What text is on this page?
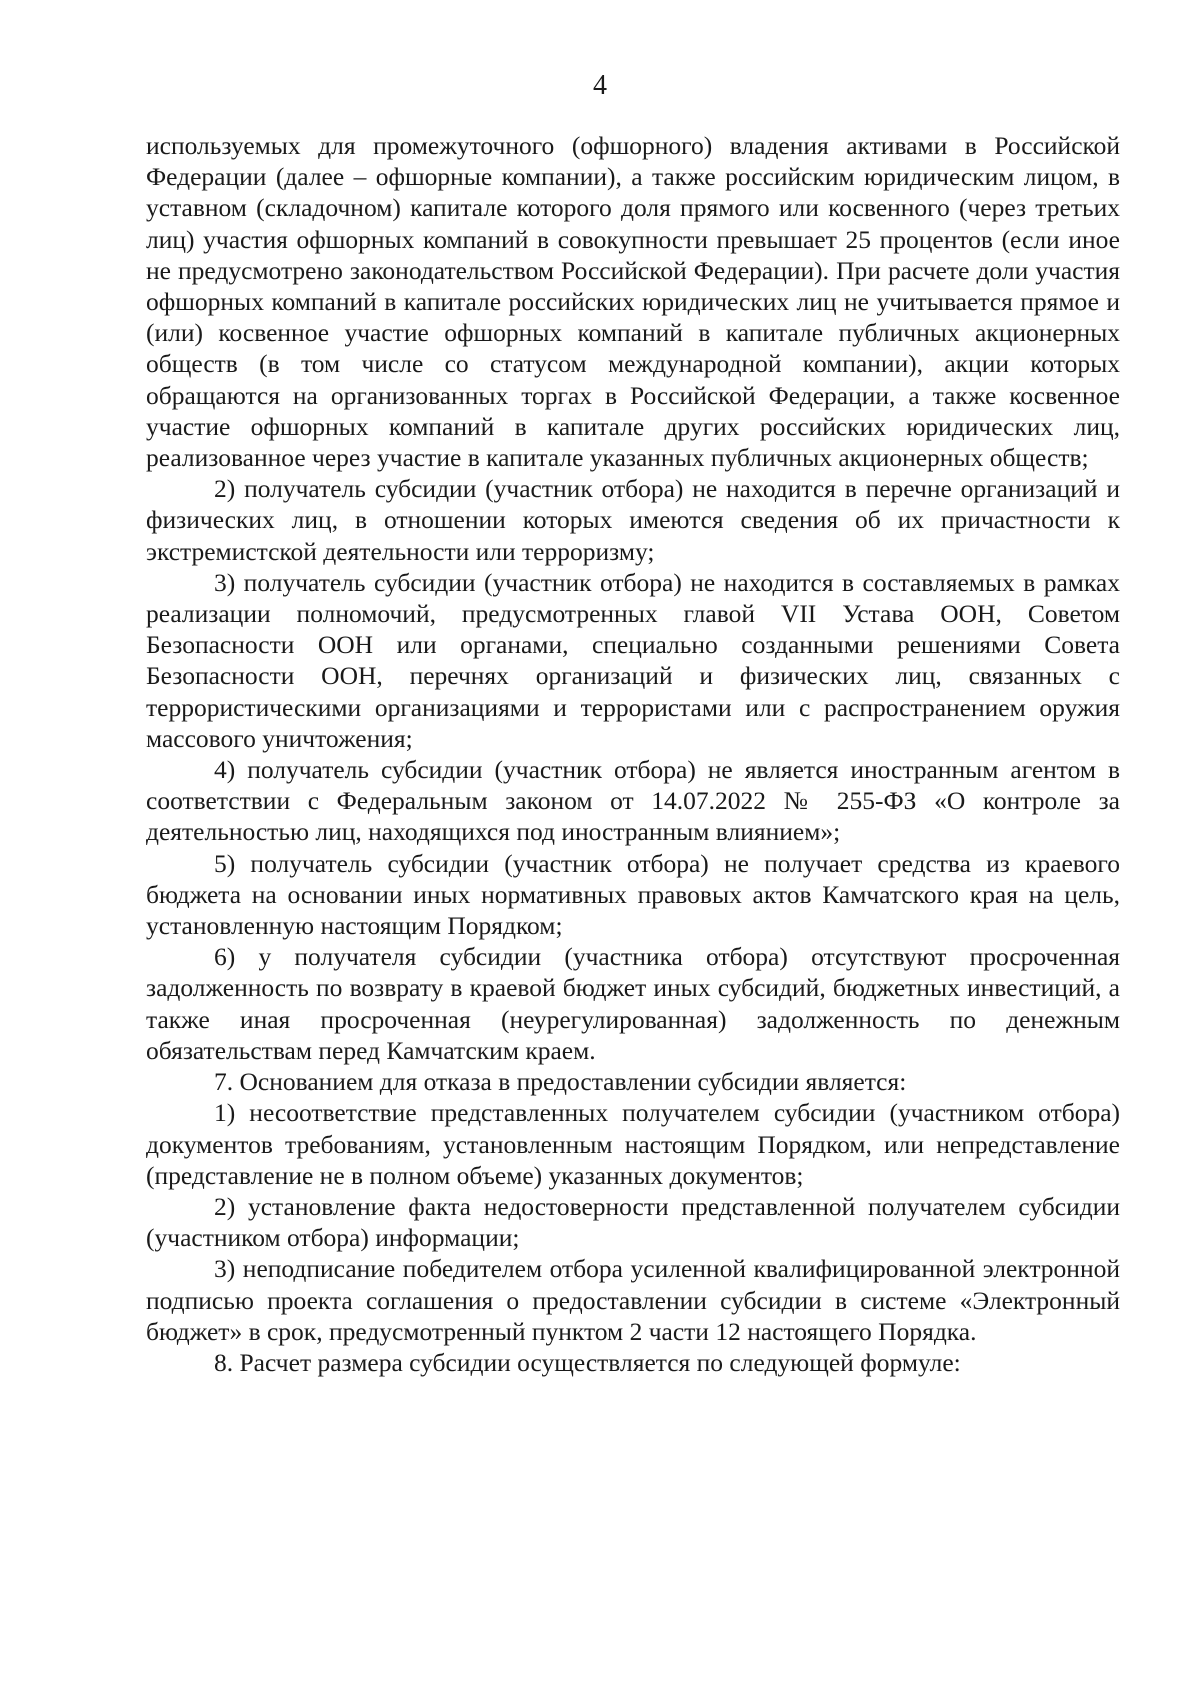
4

используемых для промежуточного (офшорного) владения активами в Российской Федерации (далее – офшорные компании), а также российским юридическим лицом, в уставном (складочном) капитале которого доля прямого или косвенного (через третьих лиц) участия офшорных компаний в совокупности превышает 25 процентов (если иное не предусмотрено законодательством Российской Федерации). При расчете доли участия офшорных компаний в капитале российских юридических лиц не учитывается прямое и (или) косвенное участие офшорных компаний в капитале публичных акционерных обществ (в том числе со статусом международной компании), акции которых обращаются на организованных торгах в Российской Федерации, а также косвенное участие офшорных компаний в капитале других российских юридических лиц, реализованное через участие в капитале указанных публичных акционерных обществ;

2) получатель субсидии (участник отбора) не находится в перечне организаций и физических лиц, в отношении которых имеются сведения об их причастности к экстремистской деятельности или терроризму;

3) получатель субсидии (участник отбора) не находится в составляемых в рамках реализации полномочий, предусмотренных главой VII Устава ООН, Советом Безопасности ООН или органами, специально созданными решениями Совета Безопасности ООН, перечнях организаций и физических лиц, связанных с террористическими организациями и террористами или с распространением оружия массового уничтожения;

4) получатель субсидии (участник отбора) не является иностранным агентом в соответствии с Федеральным законом от 14.07.2022 № 255-ФЗ «О контроле за деятельностью лиц, находящихся под иностранным влиянием»;

5) получатель субсидии (участник отбора) не получает средства из краевого бюджета на основании иных нормативных правовых актов Камчатского края на цель, установленную настоящим Порядком;

6) у получателя субсидии (участника отбора) отсутствуют просроченная задолженность по возврату в краевой бюджет иных субсидий, бюджетных инвестиций, а также иная просроченная (неурегулированная) задолженность по денежным обязательствам перед Камчатским краем.

7. Основанием для отказа в предоставлении субсидии является:

1) несоответствие представленных получателем субсидии (участником отбора) документов требованиям, установленным настоящим Порядком, или непредставление (представление не в полном объеме) указанных документов;

2) установление факта недостоверности представленной получателем субсидии (участником отбора) информации;

3) неподписание победителем отбора усиленной квалифицированной электронной подписью проекта соглашения о предоставлении субсидии в системе «Электронный бюджет» в срок, предусмотренный пунктом 2 части 12 настоящего Порядка.

8. Расчет размера субсидии осуществляется по следующей формуле:
